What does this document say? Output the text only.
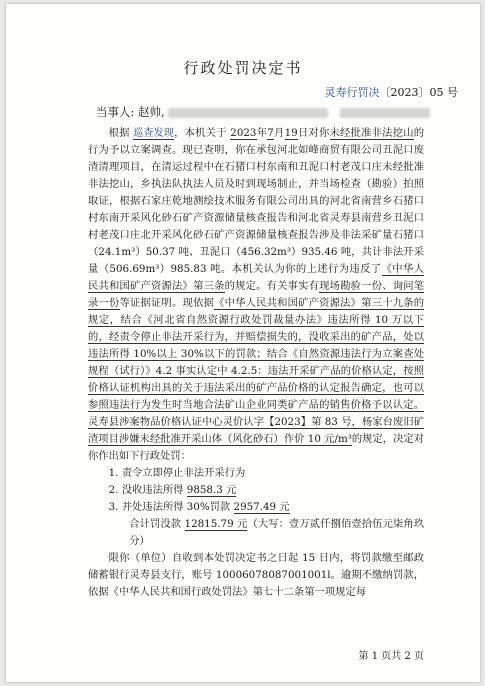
行政处罚决定书
灵寿行罚决〔2023〕05 号
当事人: 赵帅,

根据 巡查发现，本机关于 2023年7月19日对你未经批准非法挖山的行为予以立案调查。现已查明，你在承包河北如峰商贸有限公司丑泥口废渣清理项目，在清运过程中在石猪口村东南和丑泥口村老茂口庄未经批准非法挖山，乡执法队执法人员及时到现场制止，并当场检查（勘验）拍照取证，根据石家庄乾地测绘技术服务有限公司出具的河北省南营乡石猪口村东南开采风化砂石矿产资源储量核查报告和河北省灵寿县南营乡丑泥口村老茂口庄北开采风化砂石矿产资源储量核查报告涉及非法采矿量石猪口（24.1m³）50.37 吨、丑泥口（456.32m³）935.46 吨，共计非法开采量（506.69m³）985.83 吨。本机关认为你的上述行为违反了《中华人民共和国矿产资源法》第三条的规定。有关事实有现场勘验一份、询问笔录一份等证据证明。现依据《中华人民共和国矿产资源法》第三十九条的规定，结合《河北省自然资源行政处罚裁量办法》违法所得 10 万以下的，经责令停止非法开采行为，并赔偿损失的，没收采出的矿产品，处以违法所得 10%以上 30%以下的罚款；结合《自然资源违法行为立案查处规程（试行）》4.2 事实认定中 4.2.5：违法开采矿产品的价格认定，按照价格认证机构出具的关于违法采出的矿产品价格的认定报告确定，也可以参照违法行为发生时当地合法矿山企业同类矿产品的销售价格予以认定。灵寿县涉案物品价格认证中心灵价认字【2023】第 83 号，杨家台废旧矿渣项目涉嫌未经批准开采山体（风化砂石）作价 10 元/m³的规定，决定对你作出如下行政处罚：

1. 责令立即停止非法开采行为
2. 没收违法所得 9858.3 元
3. 并处违法所得 30%罚款 2957.49 元
合计罚没款 12815.79 元（大写：壹万贰仟捌佰壹拾伍元柒角玖分）

限你（单位）自收到本处罚决定书之日起 15 日内，将罚款缴至邮政储蓄银行灵寿县支行，账号 10006078087001001l。逾期不缴纳罚款，依据《中华人民共和国行政处罚法》第七十二条第一项规定每

第 1 页共 2 页
